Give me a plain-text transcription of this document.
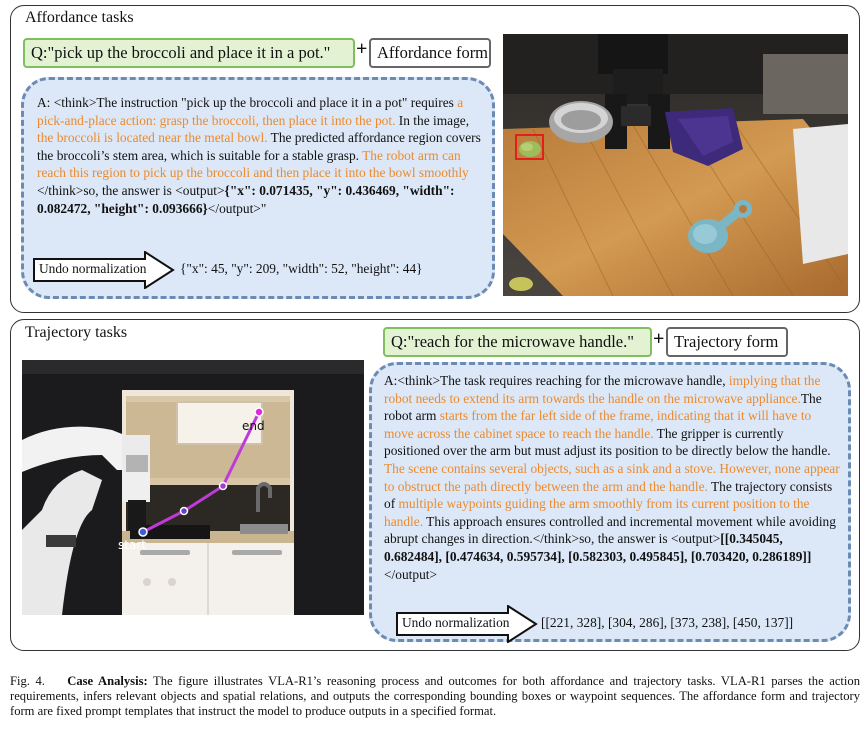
Affordance tasks
Q:"pick up the broccoli and place it in a pot."	+ Affordance form
A: <think>The instruction "pick up the broccoli and place it in a pot" requires a pick-and-place action: grasp the broccoli, then place it into the pot. In the image, the broccoli is located near the metal bowl. The predicted affordance region covers the broccoli’s stem area, which is suitable for a stable grasp. The robot arm can reach this region to pick up the broccoli and then place it into the bowl smoothly </think>so, the answer is <output>{"x": 0.071435, "y": 0.436469, "width": 0.082472, "height": 0.093666}</output>"
Undo normalization	{"x": 45, "y": 209, "width": 52, "height": 44}
Trajectory tasks	Q:"reach for the microwave handle." + Trajectory form
A:<think>The task requires reaching for the microwave handle, implying that the robot needs to extend its arm towards the handle on the microwave appliance.The robot arm starts from the far left side of the frame, indicating that it will have to move across the cabinet space to reach the handle. The gripper is currently positioned over the arm but must adjust its position to be directly below the handle. The scene contains several objects, such as a sink and a stove. However, none appear to obstruct the path directly between the arm and the handle. The trajectory consists of multiple waypoints guiding the arm smoothly from its current position to the handle. This approach ensures controlled and incremental movement while avoiding abrupt changes in direction.</think>so, the answer is <output>[[0.345045, 0.682484], [0.474634, 0.595734], [0.582303, 0.495845], [0.703420, 0.286189]]</output>
Undo normalization [[221, 328], [304, 286], [373, 238], [450, 137]]
start
end
Fig. 4. Case Analysis: The figure illustrates VLA-R1’s reasoning process and outcomes for both affordance and trajectory tasks. VLA-R1 parses the action requirements, infers relevant objects and spatial relations, and outputs the corresponding bounding boxes or waypoint sequences. The affordance form and trajectory form are fixed prompt templates that instruct the model to produce outputs in a specified format.
